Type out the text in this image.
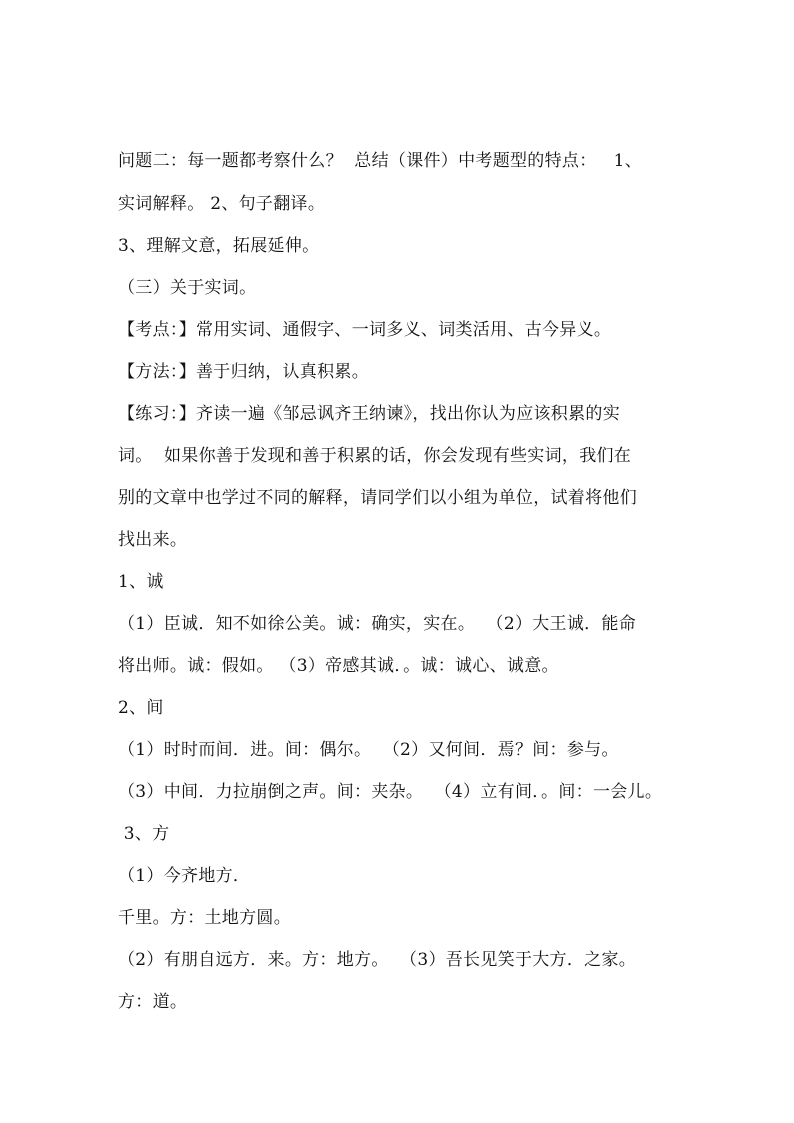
问题二：每一题都考察什么？  总结（课件）中考题型的特点：   1、
实词解释。 2、句子翻译。
3、理解文意，拓展延伸。
（三）关于实词。
【考点：】常用实词、通假字、一词多义、词类活用、古今异义。
【方法：】善于归纳，认真积累。
【练习：】齐读一遍《邹忌讽齐王纳谏》，找出你认为应该积累的实
词。  如果你善于发现和善于积累的话，你会发现有些实词，我们在
别的文章中也学过不同的解释，请同学们以小组为单位，试着将他们
找出来。
1、诚
（1）臣诚．知不如徐公美。诚：确实，实在。  （2）大王诚．能命
将出师。诚：假如。 （3）帝感其诚．。诚：诚心、诚意。
2、间
（1）时时而间．进。间：偶尔。  （2）又何间．焉？间：参与。
（3）中间．力拉崩倒之声。间：夹杂。  （4）立有间．。间：一会儿。
3、方
（1）今齐地方．
千里。方：土地方圆。
（2）有朋自远方．来。方：地方。  （3）吾长见笑于大方．之家。
方：道。
